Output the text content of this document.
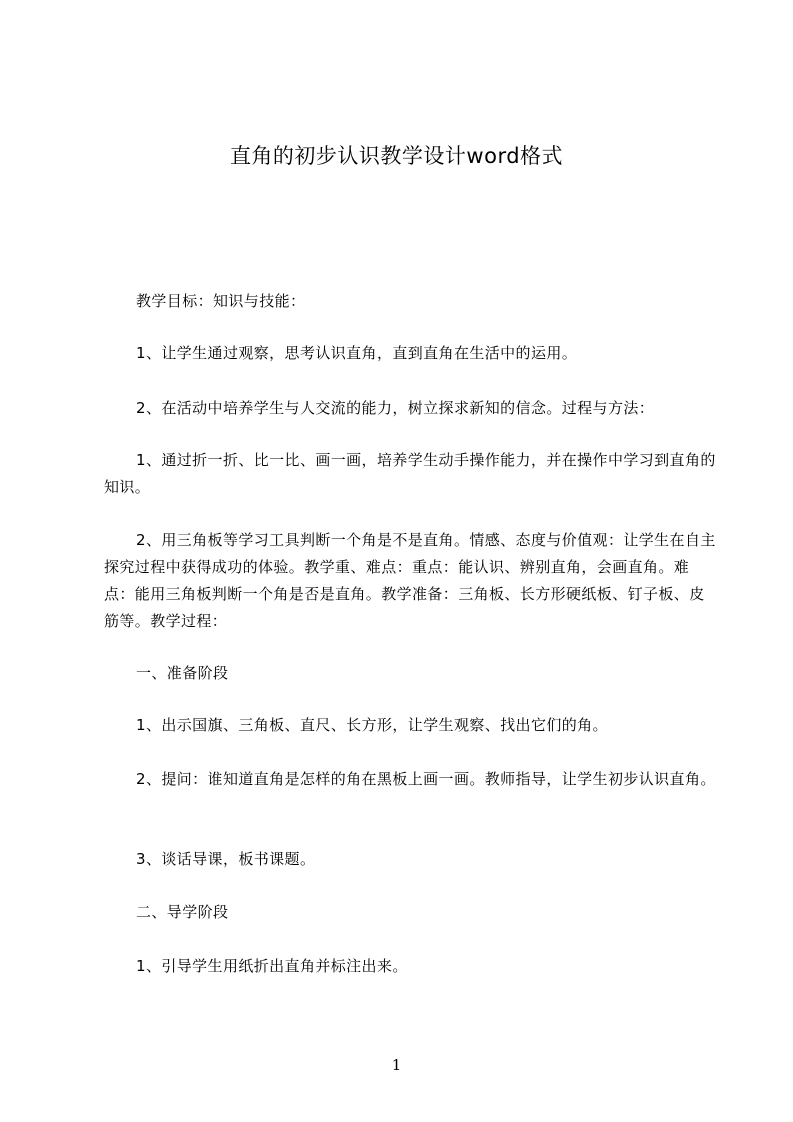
直角的初步认识教学设计word格式

教学目标：知识与技能：

1、让学生通过观察，思考认识直角，直到直角在生活中的运用。

2、在活动中培养学生与人交流的能力，树立探求新知的信念。过程与方法：

1、通过折一折、比一比、画一画，培养学生动手操作能力，并在操作中学习到直角的知识。

2、用三角板等学习工具判断一个角是不是直角。情感、态度与价值观：让学生在自主探究过程中获得成功的体验。教学重、难点：重点：能认识、辨别直角，会画直角。难点：能用三角板判断一个角是否是直角。教学准备：三角板、长方形硬纸板、钉子板、皮筋等。教学过程：

一、准备阶段

1、出示国旗、三角板、直尺、长方形，让学生观察、找出它们的角。

2、提问：谁知道直角是怎样的角在黑板上画一画。教师指导，让学生初步认识直角。

3、谈话导课，板书课题。

二、导学阶段

1、引导学生用纸折出直角并标注出来。

1
